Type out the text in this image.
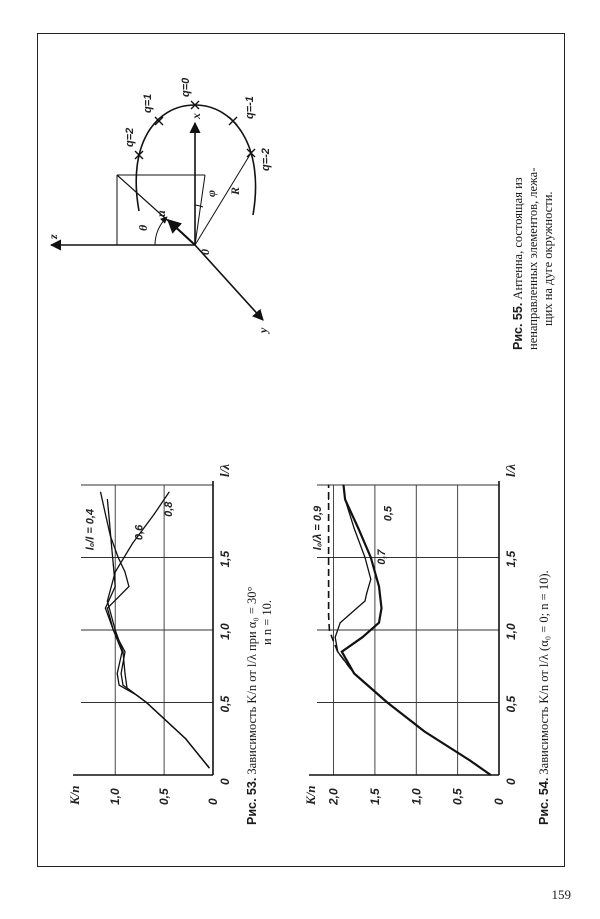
x
y
z
0
θ
φ
u
R
q=-2
q=-1
q=0
q=1
q=2
Рис. 55. Антенна, состоящая из ненаправленных элементов, лежа- щих на дуге окружности.
0
0,5
1,0
1,5
0
0,5
1,0
l/λ
K/n
l₀/l = 0,4	0,6
0,8
Рис. 53. Зависимость K/n от l/λ при α₀ = 30° и n = 10.
0
0,5
1,0
1,5
0
0,5
1,0
1,5
2,0
l/λ
K/n
l₀/λ = 0,9
0,7
0,5
Рис. 54. Зависимость K/n от l/λ (α₀ = 0; n = 10).
159
